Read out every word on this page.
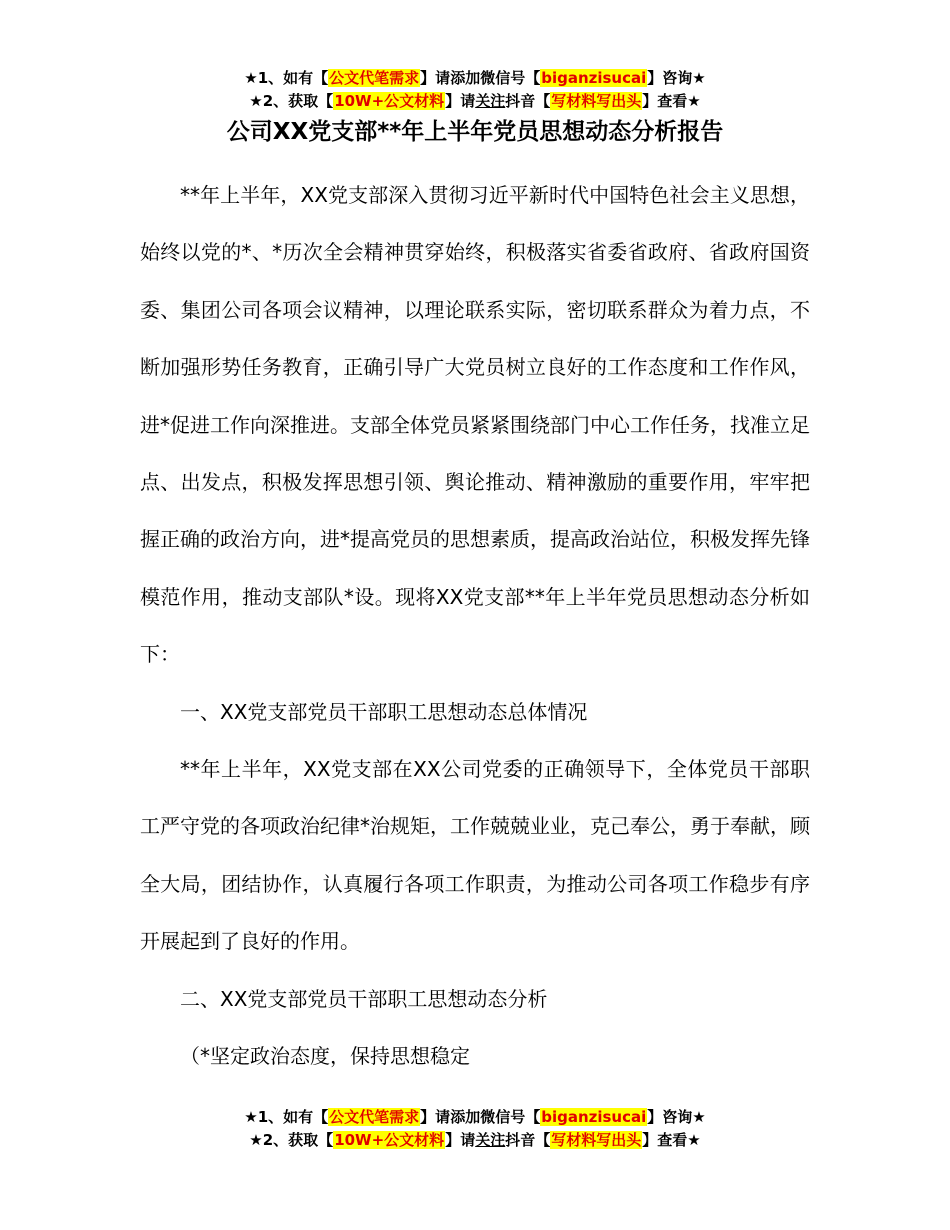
★1、如有【公文代笔需求】请添加微信号【biganzisucai】咨询★
★2、获取【10W+公文材料】请关注抖音【写材料写出头】查看★
公司XX党支部**年上半年党员思想动态分析报告

**年上半年，XX党支部深入贯彻习近平新时代中国特色社会主义思想，始终以党的*、*历次全会精神贯穿始终，积极落实省委省政府、省政府国资委、集团公司各项会议精神，以理论联系实际，密切联系群众为着力点，不断加强形势任务教育，正确引导广大党员树立良好的工作态度和工作作风，进*促进工作向深推进。支部全体党员紧紧围绕部门中心工作任务，找准立足点、出发点，积极发挥思想引领、舆论推动、精神激励的重要作用，牢牢把握正确的政治方向，进*提高党员的思想素质，提高政治站位，积极发挥先锋模范作用，推动支部队*设。现将XX党支部**年上半年党员思想动态分析如下：

一、XX党支部党员干部职工思想动态总体情况

**年上半年，XX党支部在XX公司党委的正确领导下，全体党员干部职工严守党的各项政治纪律*治规矩，工作兢兢业业，克己奉公，勇于奉献，顾全大局，团结协作，认真履行各项工作职责，为推动公司各项工作稳步有序开展起到了良好的作用。

二、XX党支部党员干部职工思想动态分析

（*坚定政治态度，保持思想稳定

★1、如有【公文代笔需求】请添加微信号【biganzisucai】咨询★
★2、获取【10W+公文材料】请关注抖音【写材料写出头】查看★
